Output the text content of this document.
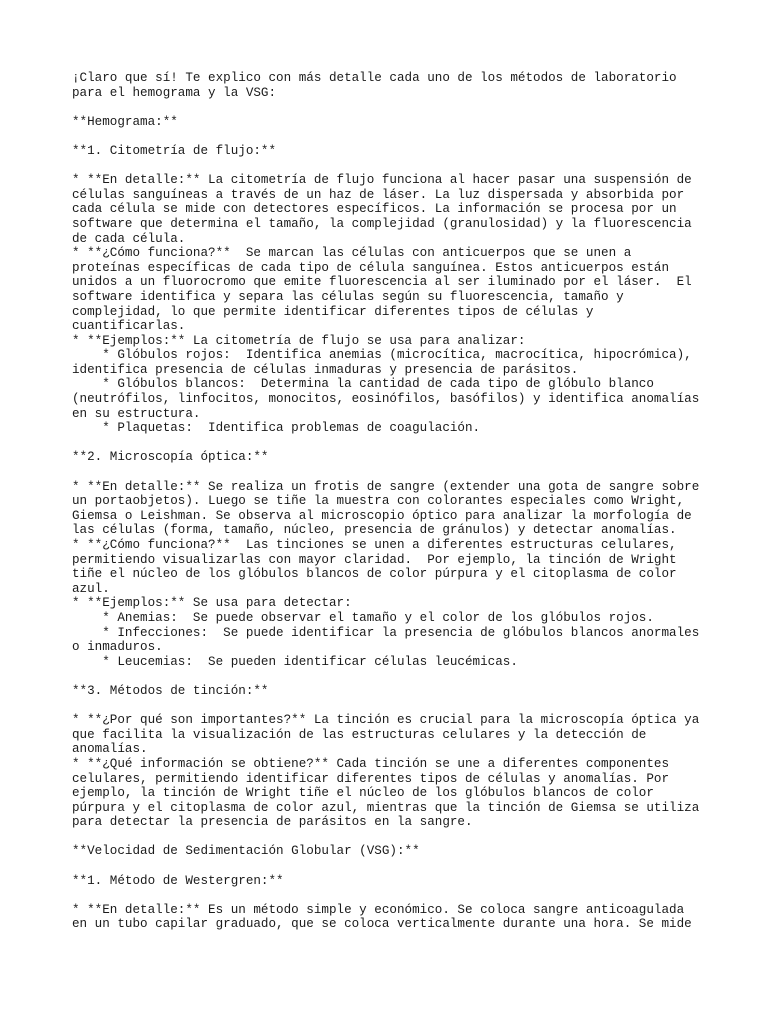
¡Claro que sí! Te explico con más detalle cada uno de los métodos de laboratorio
para el hemograma y la VSG:
**Hemograma:**
**1. Citometría de flujo:**
* **En detalle:** La citometría de flujo funciona al hacer pasar una suspensión de
células sanguíneas a través de un haz de láser. La luz dispersada y absorbida por
cada célula se mide con detectores específicos. La información se procesa por un
software que determina el tamaño, la complejidad (granulosidad) y la fluorescencia
de cada célula.
* **¿Cómo funciona?**  Se marcan las células con anticuerpos que se unen a
proteínas específicas de cada tipo de célula sanguínea. Estos anticuerpos están
unidos a un fluorocromo que emite fluorescencia al ser iluminado por el láser.  El
software identifica y separa las células según su fluorescencia, tamaño y
complejidad, lo que permite identificar diferentes tipos de células y
cuantificarlas.
* **Ejemplos:** La citometría de flujo se usa para analizar:
* Glóbulos rojos:  Identifica anemias (microcítica, macrocítica, hipocrómica),
identifica presencia de células inmaduras y presencia de parásitos.
* Glóbulos blancos:  Determina la cantidad de cada tipo de glóbulo blanco
(neutrófilos, linfocitos, monocitos, eosinófilos, basófilos) y identifica anomalías
en su estructura.
* Plaquetas:  Identifica problemas de coagulación.
**2. Microscopía óptica:**
* **En detalle:** Se realiza un frotis de sangre (extender una gota de sangre sobre
un portaobjetos). Luego se tiñe la muestra con colorantes especiales como Wright,
Giemsa o Leishman. Se observa al microscopio óptico para analizar la morfología de
las células (forma, tamaño, núcleo, presencia de gránulos) y detectar anomalías.
* **¿Cómo funciona?**  Las tinciones se unen a diferentes estructuras celulares,
permitiendo visualizarlas con mayor claridad.  Por ejemplo, la tinción de Wright
tiñe el núcleo de los glóbulos blancos de color púrpura y el citoplasma de color
azul.
* **Ejemplos:** Se usa para detectar:
* Anemias:  Se puede observar el tamaño y el color de los glóbulos rojos.
* Infecciones:  Se puede identificar la presencia de glóbulos blancos anormales
o inmaduros.
* Leucemias:  Se pueden identificar células leucémicas.
**3. Métodos de tinción:**
* **¿Por qué son importantes?** La tinción es crucial para la microscopía óptica ya
que facilita la visualización de las estructuras celulares y la detección de
anomalías.
* **¿Qué información se obtiene?** Cada tinción se une a diferentes componentes
celulares, permitiendo identificar diferentes tipos de células y anomalías. Por
ejemplo, la tinción de Wright tiñe el núcleo de los glóbulos blancos de color
púrpura y el citoplasma de color azul, mientras que la tinción de Giemsa se utiliza
para detectar la presencia de parásitos en la sangre.
**Velocidad de Sedimentación Globular (VSG):**
**1. Método de Westergren:**
* **En detalle:** Es un método simple y económico. Se coloca sangre anticoagulada
en un tubo capilar graduado, que se coloca verticalmente durante una hora. Se mide
